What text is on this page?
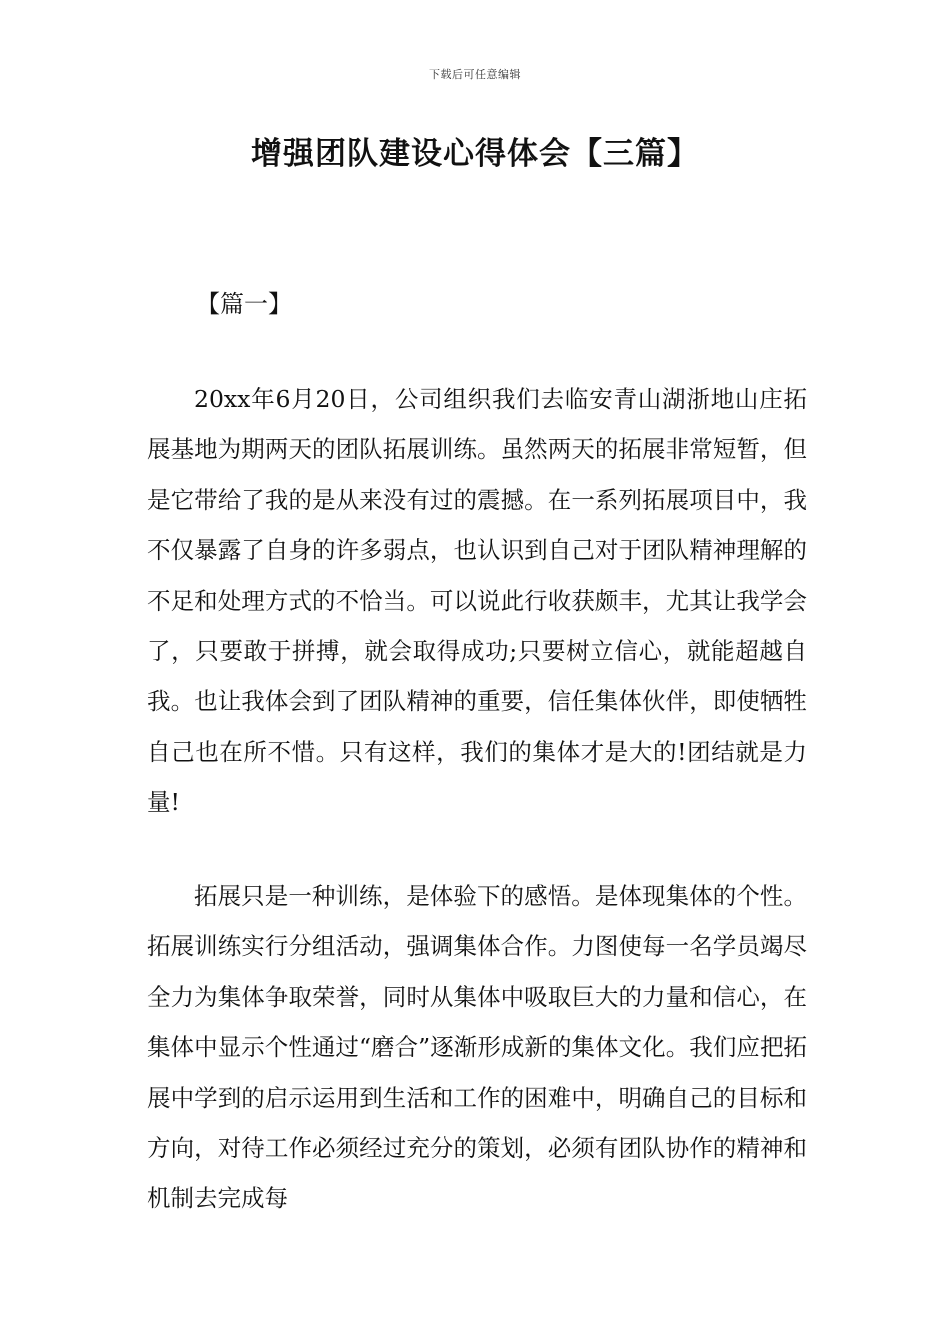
下载后可任意编辑
增强团队建设心得体会【三篇】
【篇一】

20xx年6月20日，公司组织我们去临安青山湖浙地山庄拓展基地为期两天的团队拓展训练。虽然两天的拓展非常短暂，但是它带给了我的是从来没有过的震撼。在一系列拓展项目中，我不仅暴露了自身的许多弱点，也认识到自己对于团队精神理解的不足和处理方式的不恰当。可以说此行收获颇丰，尤其让我学会了，只要敢于拼搏，就会取得成功;只要树立信心，就能超越自我。也让我体会到了团队精神的重要，信任集体伙伴，即使牺牲自己也在所不惜。只有这样，我们的集体才是大的!团结就是力量!

拓展只是一种训练，是体验下的感悟。是体现集体的个性。拓展训练实行分组活动，强调集体合作。力图使每一名学员竭尽全力为集体争取荣誉，同时从集体中吸取巨大的力量和信心，在集体中显示个性通过“磨合”逐渐形成新的集体文化。我们应把拓展中学到的启示运用到生活和工作的困难中，明确自己的目标和方向，对待工作必须经过充分的策划，必须有团队协作的精神和机制去完成每
